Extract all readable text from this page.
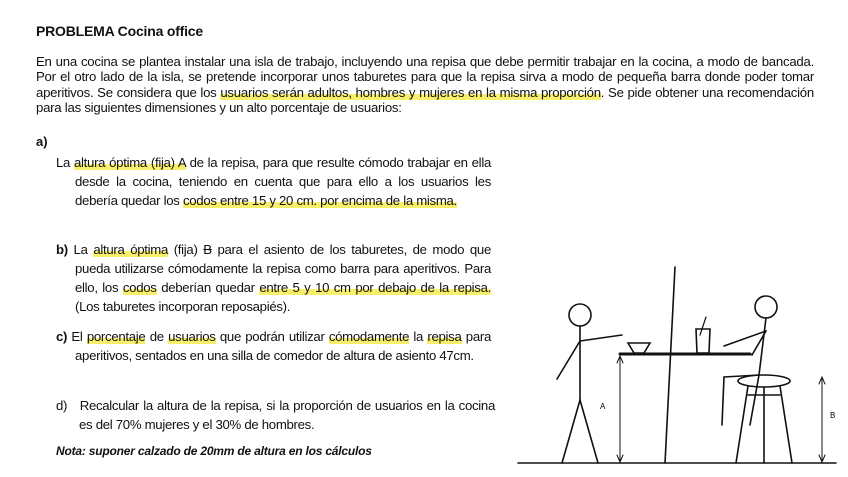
PROBLEMA Cocina office
En una cocina se plantea instalar una isla de trabajo, incluyendo una repisa que debe permitir trabajar en la cocina, a modo de bancada. Por el otro lado de la isla, se pretende incorporar unos taburetes para que la repisa sirva a modo de pequeña barra donde poder tomar aperitivos. Se considera que los usuarios serán adultos, hombres y mujeres en la misma proporción. Se pide obtener una recomendación para las siguientes dimensiones y un alto porcentaje de usuarios:
a)
La altura óptima (fija) A de la repisa, para que resulte cómodo trabajar en ella desde la cocina, teniendo en cuenta que para ello a los usuarios les debería quedar los codos entre 15 y 20 cm. por encima de la misma.
b) La altura óptima (fija) B para el asiento de los taburetes, de modo que pueda utilizarse cómodamente la repisa como barra para aperitivos. Para ello, los codos deberían quedar entre 5 y 10 cm por debajo de la repisa. (Los taburetes incorporan reposapiés).
c) El porcentaje de usuarios que podrán utilizar cómodamente la repisa para aperitivos, sentados en una silla de comedor de altura de asiento 47cm.
d) Recalcular la altura de la repisa, si la proporción de usuarios en la cocina es del 70% mujeres y el 30% de hombres.
Nota: suponer calzado de 20mm de altura en los cálculos
A
B
